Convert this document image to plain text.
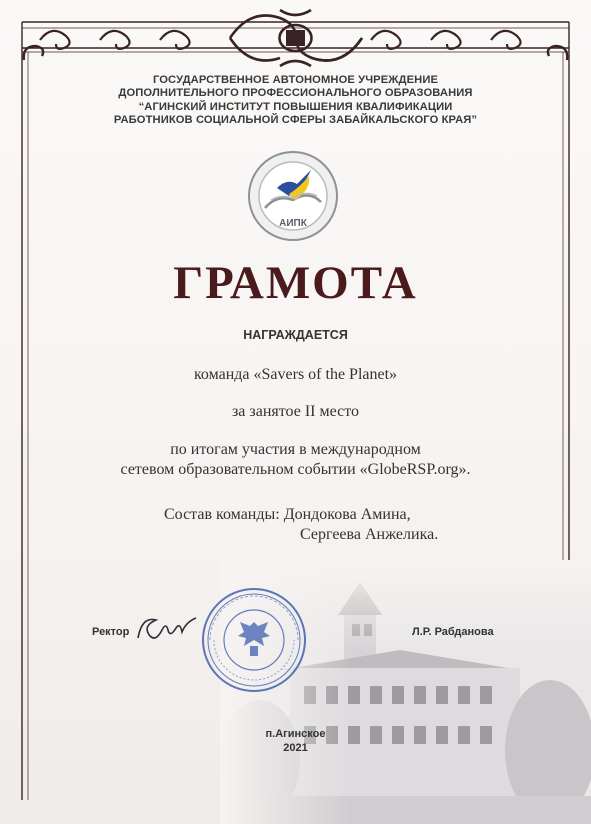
ГОСУДАРСТВЕННОЕ АВТОНОМНОЕ УЧРЕЖДЕНИЕ
ДОПОЛНИТЕЛЬНОГО ПРОФЕССИОНАЛЬНОГО ОБРАЗОВАНИЯ
“АГИНСКИЙ ИНСТИТУТ ПОВЫШЕНИЯ КВАЛИФИКАЦИИ
РАБОТНИКОВ СОЦИАЛЬНОЙ СФЕРЫ ЗАБАЙКАЛЬСКОГО КРАЯ”
АИПК
ГРАМОТА
НАГРАЖДАЕТСЯ
команда «Savers of the Planet»
за занятое II место
по итогам участия в международном
сетевом образовательном событии «GlobeRSP.org».
Состав команды: Дондокова Амина,
Сергеева Анжелика.
Ректор	Л.Р. Рабданова
п.Агинское
2021
